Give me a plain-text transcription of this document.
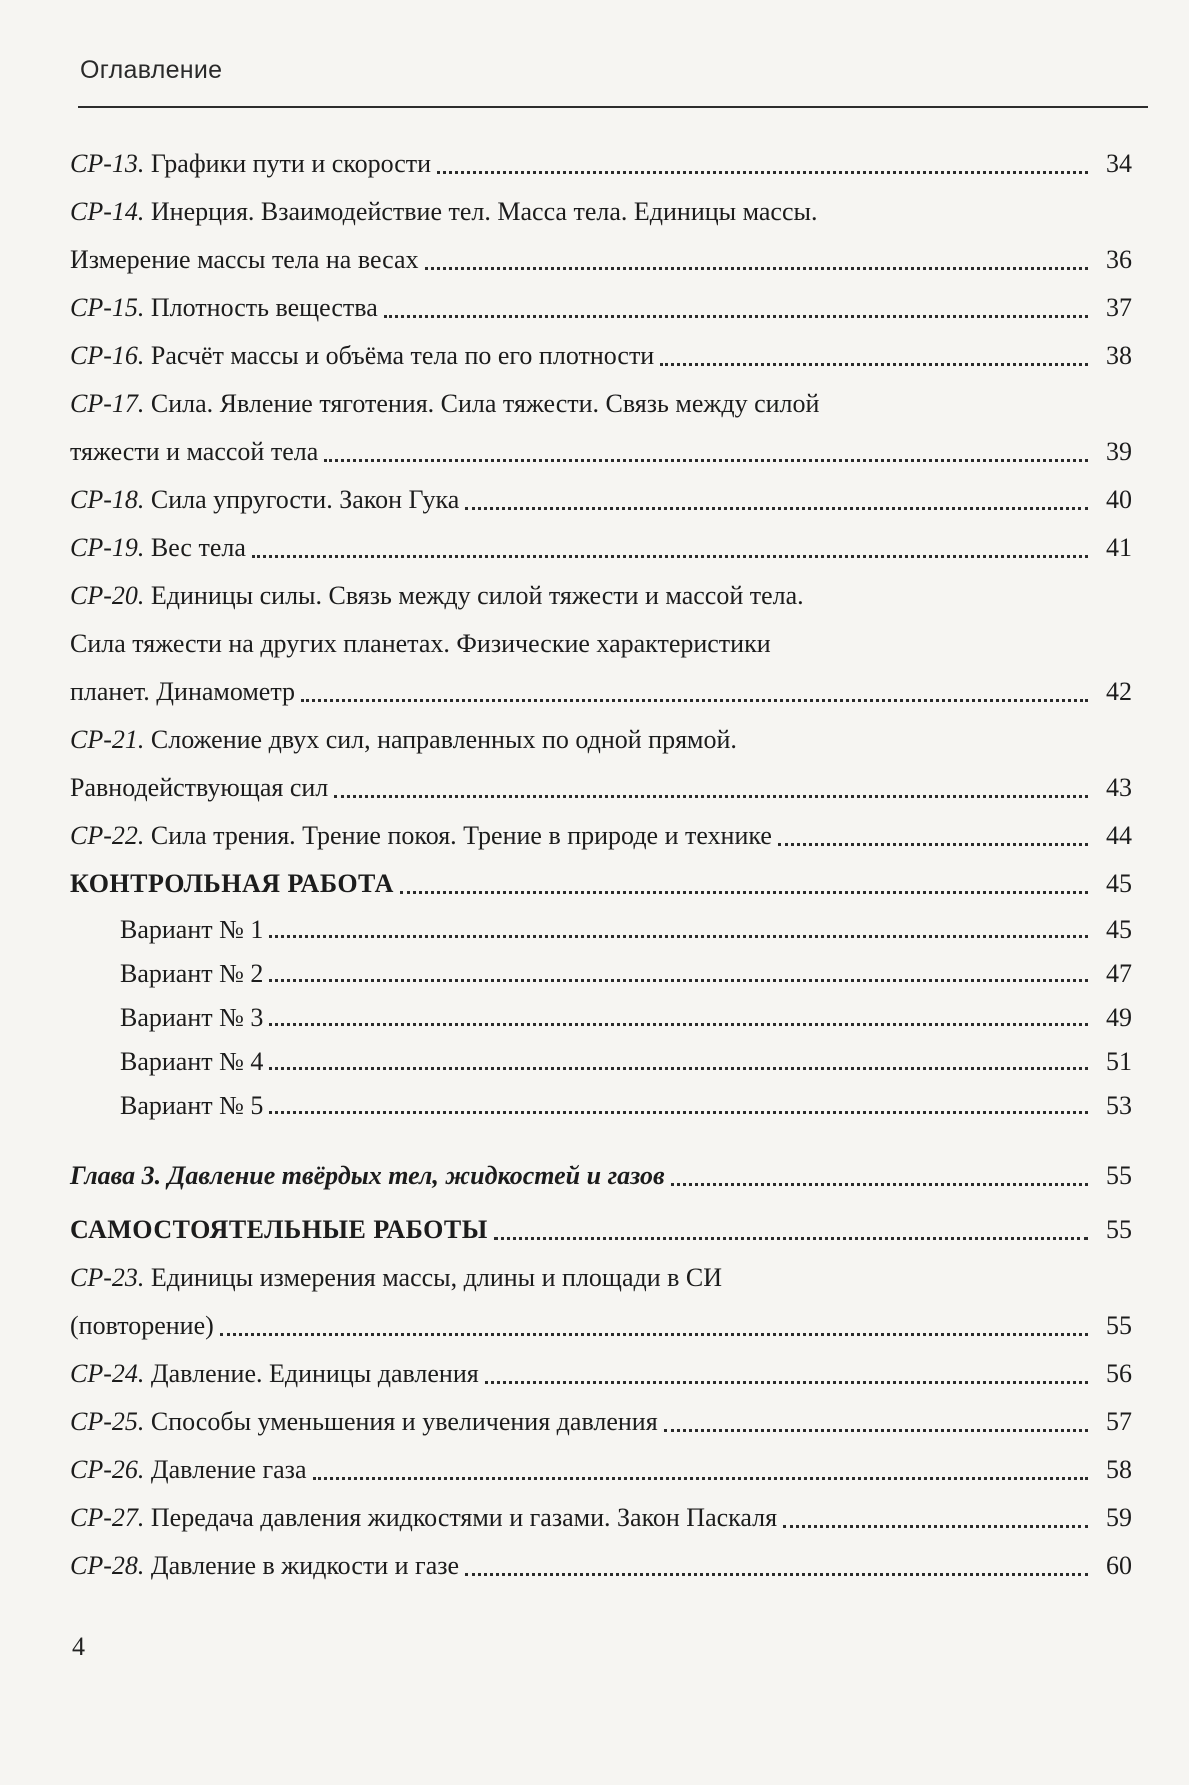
Оглавление
СР-13. Графики пути и скорости	34
СР-14. Инерция. Взаимодействие тел. Масса тела. Единицы массы.
Измерение массы тела на весах	36
СР-15. Плотность вещества	37
СР-16. Расчёт массы и объёма тела по его плотности	38
СР-17. Сила. Явление тяготения. Сила тяжести. Связь между силой
тяжести и массой тела	39
СР-18. Сила упругости. Закон Гука	40
СР-19. Вес тела	41
СР-20. Единицы силы. Связь между силой тяжести и массой тела.
Сила тяжести на других планетах. Физические характеристики
планет. Динамометр	42
СР-21. Сложение двух сил, направленных по одной прямой.
Равнодействующая сил	43
СР-22. Сила трения. Трение покоя. Трение в природе и технике	44
КОНТРОЛЬНАЯ РАБОТА	45
Вариант № 1	45
Вариант № 2	47
Вариант № 3	49
Вариант № 4	51
Вариант № 5	53
Глава 3. Давление твёрдых тел, жидкостей и газов	55
САМОСТОЯТЕЛЬНЫЕ РАБОТЫ	55
СР-23. Единицы измерения массы, длины и площади в СИ
(повторение)	55
СР-24. Давление. Единицы давления	56
СР-25. Способы уменьшения и увеличения давления	57
СР-26. Давление газа	58
СР-27. Передача давления жидкостями и газами. Закон Паскаля	59
СР-28. Давление в жидкости и газе	60
4
